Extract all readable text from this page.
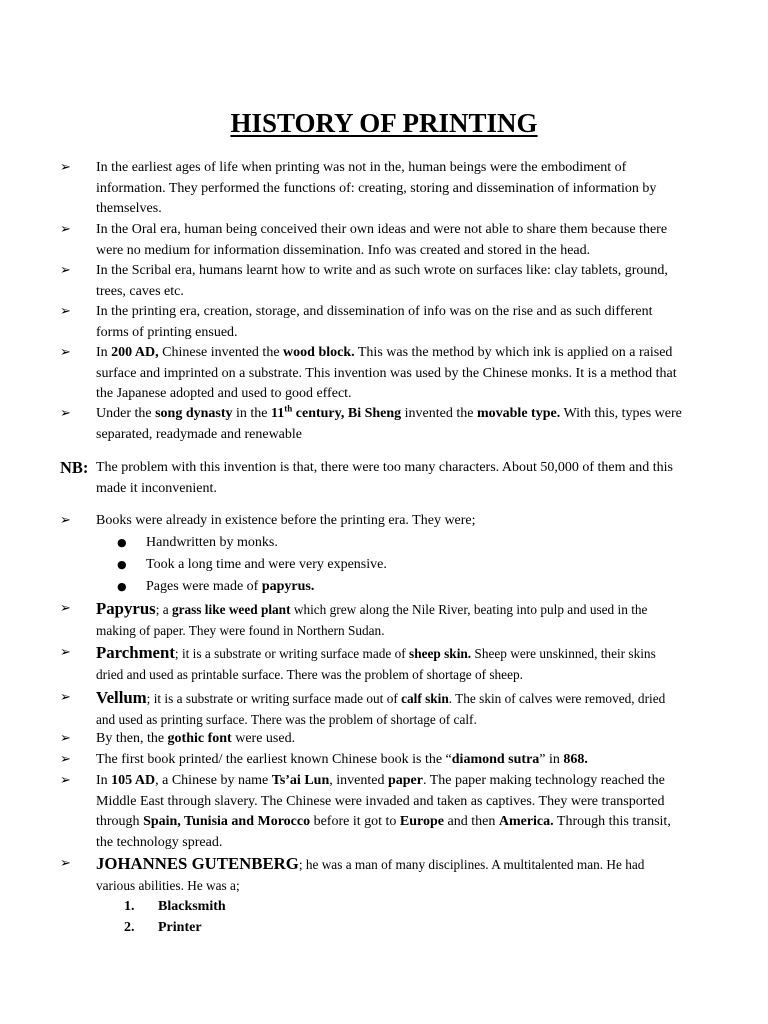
HISTORY OF PRINTING
➢ In the earliest ages of life when printing was not in the, human beings were the embodiment of information. They performed the functions of: creating, storing and dissemination of information by themselves.
➢ In the Oral era, human being conceived their own ideas and were not able to share them because there were no medium for information dissemination. Info was created and stored in the head.
➢ In the Scribal era, humans learnt how to write and as such wrote on surfaces like: clay tablets, ground, trees, caves etc.
➢ In the printing era, creation, storage, and dissemination of info was on the rise and as such different forms of printing ensued.
➢ In 200 AD, Chinese invented the wood block. This was the method by which ink is applied on a raised surface and imprinted on a substrate. This invention was used by the Chinese monks. It is a method that the Japanese adopted and used to good effect.
➢ Under the song dynasty in the 11th century, Bi Sheng invented the movable type. With this, types were separated, readymade and renewable
NB: The problem with this invention is that, there were too many characters. About 50,000 of them and this made it inconvenient.
➢ Books were already in existence before the printing era. They were;
● Handwritten by monks.
● Took a long time and were very expensive.
● Pages were made of papyrus.
➢ Papyrus; a grass like weed plant which grew along the Nile River, beating into pulp and used in the making of paper. They were found in Northern Sudan.
➢ Parchment; it is a substrate or writing surface made of sheep skin. Sheep were unskinned, their skins dried and used as printable surface. There was the problem of shortage of sheep.
➢ Vellum; it is a substrate or writing surface made out of calf skin. The skin of calves were removed, dried and used as printing surface. There was the problem of shortage of calf.
➢ By then, the gothic font were used.
➢ The first book printed/ the earliest known Chinese book is the “diamond sutra” in 868.
➢ In 105 AD, a Chinese by name Ts’ai Lun, invented paper. The paper making technology reached the Middle East through slavery. The Chinese were invaded and taken as captives. They were transported through Spain, Tunisia and Morocco before it got to Europe and then America. Through this transit, the technology spread.
➢ JOHANNES GUTENBERG; he was a man of many disciplines. A multitalented man. He had various abilities. He was a;
1. Blacksmith
2. Printer
